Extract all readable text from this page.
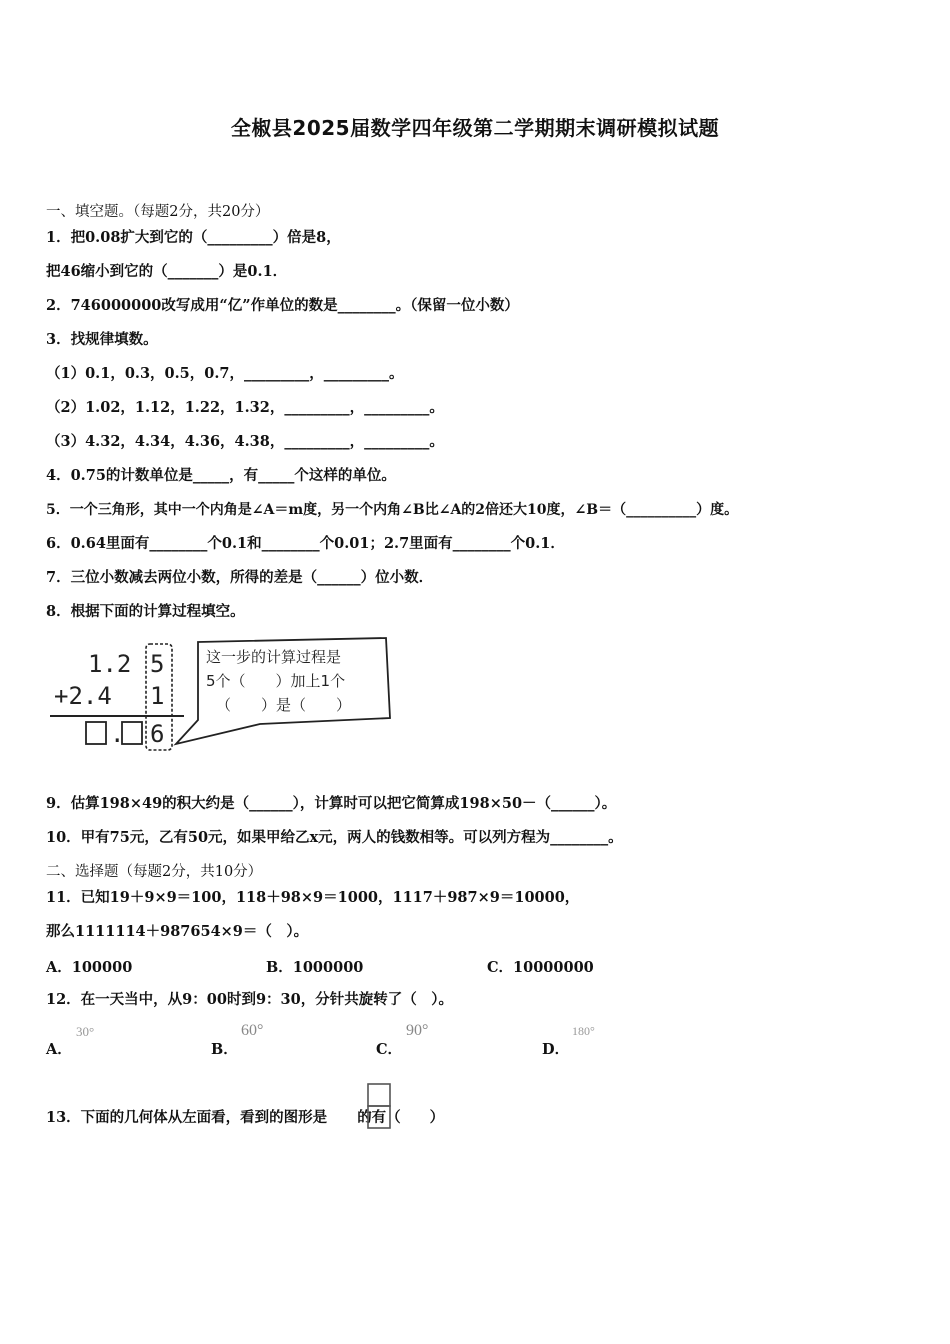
全椒县2025届数学四年级第二学期期末调研模拟试题
一、填空题。（每题2分，共20分）
1．把0.08扩大到它的（_________）倍是8，
把46缩小到它的（_______）是0.1．
2．746000000改写成用“亿”作单位的数是________。（保留一位小数）
3．找规律填数。
（1）0.1，0.3，0.5，0.7，_________，_________。
（2）1.02，1.12，1.22，1.32，_________，_________。
（3）4.32，4.34，4.36，4.38，_________，_________。
4．0.75的计数单位是_____，有_____个这样的单位。
5．一个三角形，其中一个内角是∠A＝m度，另一个内角∠B比∠A的2倍还大10度，∠B＝（__________）度。
6．0.64里面有________个0.1和________个0.01；2.7里面有________个0.1．
7．三位小数减去两位小数，所得的差是（______）位小数．
8．根据下面的计算过程填空。
1.2 5
+2.4 1
. 6
这一步的计算过程是
5个（　　）加上1个
（　　）是（　　）
9．估算198×49的积大约是（______），计算时可以把它简算成198×50－（______）。
10．甲有75元，乙有50元，如果甲给乙x元，两人的钱数相等。可以列方程为________。
二、选择题（每题2分，共10分）
11．已知19＋9×9＝100，118＋98×9＝1000，1117＋987×9＝10000，
那么1111114＋987654×9＝（　）。
A．100000	B．1000000	C．10000000
12．在一天当中，从9：00时到9：30，分针共旋转了（　）。
A．
30°
B．
60°
C．
90°
D．
180°
13．下面的几何体从左面看，看到的图形是 的有（　　）
